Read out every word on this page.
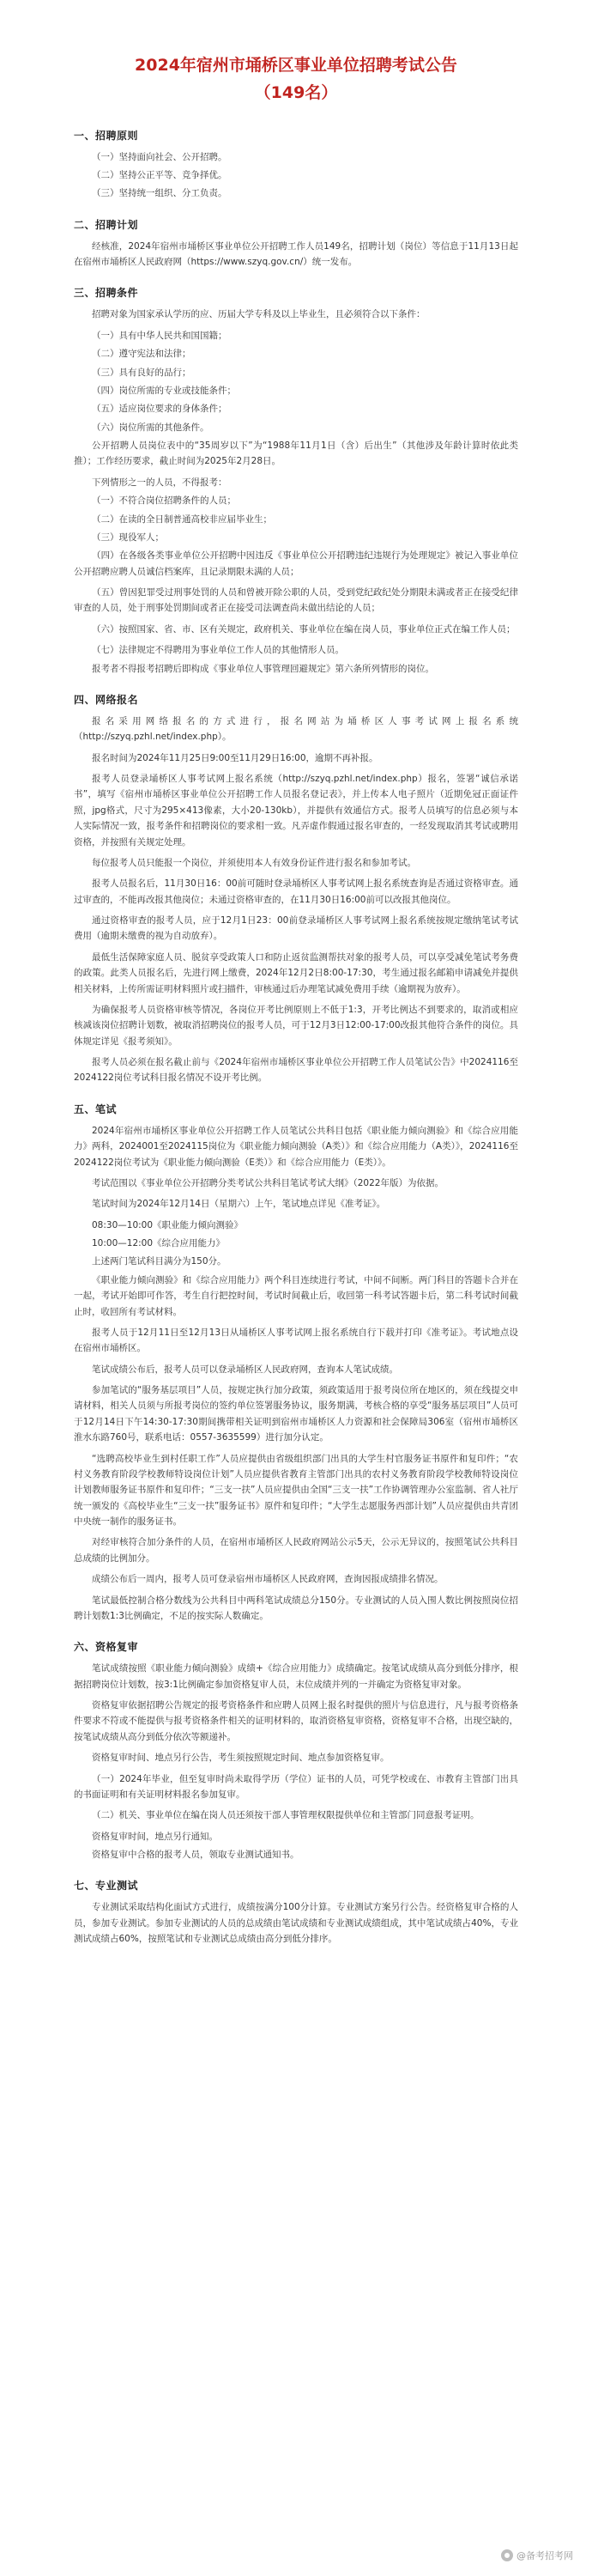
2024年宿州市埇桥区事业单位招聘考试公告
（149名）
一、招聘原则

（一）坚持面向社会、公开招聘。

（二）坚持公正平等、竞争择优。

（三）坚持统一组织、分工负责。

二、招聘计划

经核准，2024年宿州市埇桥区事业单位公开招聘工作人员149名，招聘计划（岗位）等信息于11月13日起在宿州市埇桥区人民政府网（https://www.szyq.gov.cn/）统一发布。

三、招聘条件

招聘对象为国家承认学历的应、历届大学专科及以上毕业生，且必须符合以下条件：

（一）具有中华人民共和国国籍；

（二）遵守宪法和法律；

（三）具有良好的品行；

（四）岗位所需的专业或技能条件；

（五）适应岗位要求的身体条件；

（六）岗位所需的其他条件。

公开招聘人员岗位表中的“35周岁以下”为“1988年11月1日（含）后出生”（其他涉及年龄计算时依此类推）；工作经历要求，截止时间为2025年2月28日。

下列情形之一的人员，不得报考：

（一）不符合岗位招聘条件的人员；

（二）在读的全日制普通高校非应届毕业生；

（三）现役军人；

（四）在各级各类事业单位公开招聘中因违反《事业单位公开招聘违纪违规行为处理规定》被记入事业单位公开招聘应聘人员诚信档案库，且记录期限未满的人员；

（五）曾因犯罪受过刑事处罚的人员和曾被开除公职的人员，受到党纪政纪处分期限未满或者正在接受纪律审查的人员，处于刑事处罚期间或者正在接受司法调查尚未做出结论的人员；

（六）按照国家、省、市、区有关规定，政府机关、事业单位在编在岗人员，事业单位正式在编工作人员；

（七）法律规定不得聘用为事业单位工作人员的其他情形人员。

报考者不得报考招聘后即构成《事业单位人事管理回避规定》第六条所列情形的岗位。

四、网络报名

报名采用网络报名的方式进行，报名网站为埇桥区人事考试网上报名系统（http://szyq.pzhl.net/index.php）。

报名时间为2024年11月25日9:00至11月29日16:00，逾期不再补报。

报考人员登录埇桥区人事考试网上报名系统（http://szyq.pzhl.net/index.php）报名，签署“诚信承诺书”，填写《宿州市埇桥区事业单位公开招聘工作人员报名登记表》，并上传本人电子照片（近期免冠正面证件照，jpg格式，尺寸为295×413像素，大小20-130kb），并提供有效通信方式。报考人员填写的信息必须与本人实际情况一致，报考条件和招聘岗位的要求相一致。凡弄虚作假通过报名审查的，一经发现取消其考试或聘用资格，并按照有关规定处理。

每位报考人员只能报一个岗位，并须使用本人有效身份证件进行报名和参加考试。

报考人员报名后，11月30日16：00前可随时登录埇桥区人事考试网上报名系统查询是否通过资格审查。通过审查的，不能再改报其他岗位；未通过资格审查的，在11月30日16:00前可以改报其他岗位。

通过资格审查的报考人员，应于12月1日23：00前登录埇桥区人事考试网上报名系统按规定缴纳笔试考试费用（逾期未缴费的视为自动放弃）。

最低生活保障家庭人员、脱贫享受政策人口和防止返贫监测帮扶对象的报考人员，可以享受减免笔试考务费的政策。此类人员报名后，先进行网上缴费，2024年12月2日8:00-17:30，考生通过报名邮箱申请减免并提供相关材料，上传所需证明材料照片或扫描件，审核通过后办理笔试减免费用手续（逾期视为放弃）。

为确保报考人员资格审核等情况，各岗位开考比例原则上不低于1:3，开考比例达不到要求的，取消或相应核减该岗位招聘计划数，被取消招聘岗位的报考人员，可于12月3日12:00-17:00改报其他符合条件的岗位。具体规定详见《报考须知》。

报考人员必须在报名截止前与《2024年宿州市埇桥区事业单位公开招聘工作人员笔试公告》中2024116至2024122岗位考试科目报名情况不设开考比例。

五、笔试

2024年宿州市埇桥区事业单位公开招聘工作人员笔试公共科目包括《职业能力倾向测验》和《综合应用能力》两科，2024001至2024115岗位为《职业能力倾向测验（A类）》和《综合应用能力（A类）》，2024116至2024122岗位考试为《职业能力倾向测验（E类）》和《综合应用能力（E类）》。

考试范围以《事业单位公开招聘分类考试公共科目笔试考试大纲》（2022年版）为依据。

笔试时间为2024年12月14日（星期六）上午，笔试地点详见《准考证》。

08:30—10:00《职业能力倾向测验》

10:00—12:00《综合应用能力》

上述两门笔试科目满分为150分。

《职业能力倾向测验》和《综合应用能力》两个科目连续进行考试，中间不间断。两门科目的答题卡合并在一起，考试开始即可作答，考生自行把控时间，考试时间截止后，收回第一科考试答题卡后，第二科考试时间截止时，收回所有考试材料。

报考人员于12月11日至12月13日从埇桥区人事考试网上报名系统自行下载并打印《准考证》。考试地点设在宿州市埇桥区。

笔试成绩公布后，报考人员可以登录埇桥区人民政府网，查询本人笔试成绩。

参加笔试的“服务基层项目”人员，按规定执行加分政策，须政策适用于报考岗位所在地区的，须在线提交申请材料，相关人员须与所报考岗位的签约单位签署服务协议，服务期满，考核合格的享受“服务基层项目”人员可于12月14日下午14:30-17:30期间携带相关证明到宿州市埇桥区人力资源和社会保障局306室（宿州市埇桥区淮水东路760号，联系电话：0557-3635599）进行加分认定。

“选聘高校毕业生到村任职工作”人员应提供由省级组织部门出具的大学生村官服务证书原件和复印件；“农村义务教育阶段学校教师特设岗位计划”人员应提供省教育主管部门出具的农村义务教育阶段学校教师特设岗位计划教师服务证书原件和复印件；“三支一扶”人员应提供由全国“三支一扶”工作协调管理办公室监制、省人社厅统一颁发的《高校毕业生“三支一扶”服务证书》原件和复印件；“大学生志愿服务西部计划”人员应提供由共青团中央统一制作的服务证书。

对经审核符合加分条件的人员，在宿州市埇桥区人民政府网站公示5天，公示无异议的，按照笔试公共科目总成绩的比例加分。

成绩公布后一周内，报考人员可登录宿州市埇桥区人民政府网，查询因报成绩排名情况。

笔试最低控制合格分数线为公共科目中两科笔试成绩总分150分。专业测试的人员入围人数比例按照岗位招聘计划数1:3比例确定，不足的按实际人数确定。

六、资格复审

笔试成绩按照《职业能力倾向测验》成绩+《综合应用能力》成绩确定。按笔试成绩从高分到低分排序，根据招聘岗位计划数，按3:1比例确定参加资格复审人员，末位成绩并列的一并确定为资格复审对象。

资格复审依据招聘公告规定的报考资格条件和应聘人员网上报名时提供的照片与信息进行，凡与报考资格条件要求不符或不能提供与报考资格条件相关的证明材料的，取消资格复审资格，资格复审不合格，出现空缺的，按笔试成绩从高分到低分依次等额递补。

资格复审时间、地点另行公告，考生须按照规定时间、地点参加资格复审。

（一）2024年毕业，但至复审时尚未取得学历（学位）证书的人员，可凭学校或在、市教育主管部门出具的书面证明和有关证明材料报名参加复审。

（二）机关、事业单位在编在岗人员还须按干部人事管理权限提供单位和主管部门同意报考证明。

资格复审时间，地点另行通知。

资格复审中合格的报考人员，领取专业测试通知书。

七、专业测试

专业测试采取结构化面试方式进行，成绩按满分100分计算。专业测试方案另行公告。经资格复审合格的人员，参加专业测试。参加专业测试的人员的总成绩由笔试成绩和专业测试成绩组成，其中笔试成绩占40%，专业测试成绩占60%，按照笔试和专业测试总成绩由高分到低分排序。

@备考招考网
